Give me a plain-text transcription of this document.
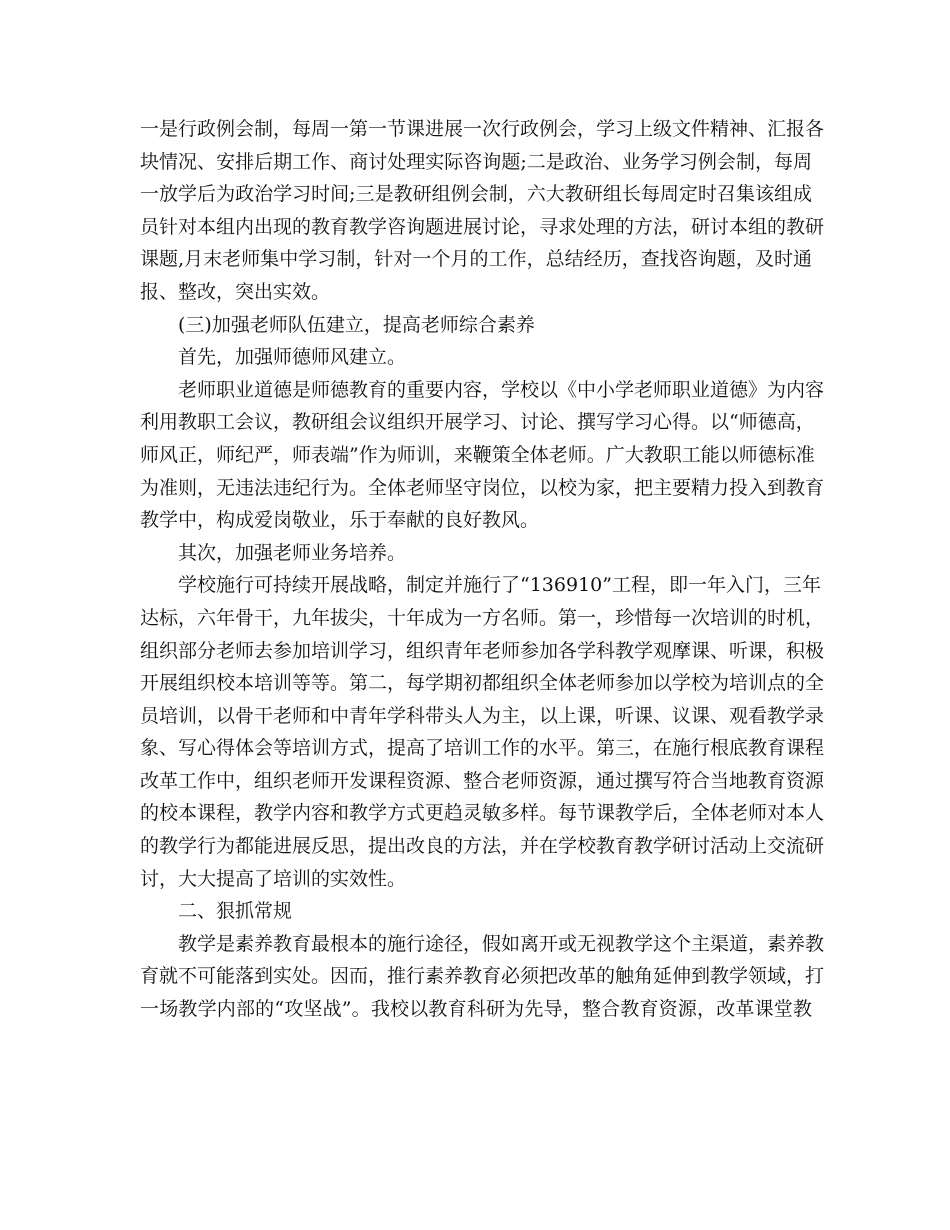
一是行政例会制，每周一第一节课进展一次行政例会，学习上级文件精神、汇报各
块情况、安排后期工作、商讨处理实际咨询题;二是政治、业务学习例会制，每周
一放学后为政治学习时间;三是教研组例会制，六大教研组长每周定时召集该组成
员针对本组内出现的教育教学咨询题进展讨论，寻求处理的方法，研讨本组的教研
课题,月末老师集中学习制，针对一个月的工作，总结经历，查找咨询题，及时通
报、整改，突出实效。
(三)加强老师队伍建立，提高老师综合素养
首先，加强师德师风建立。
老师职业道德是师德教育的重要内容，学校以《中小学老师职业道德》为内容
利用教职工会议，教研组会议组织开展学习、讨论、撰写学习心得。以“师德高，
师风正，师纪严，师表端”作为师训，来鞭策全体老师。广大教职工能以师德标准
为准则，无违法违纪行为。全体老师坚守岗位，以校为家，把主要精力投入到教育
教学中，构成爱岗敬业，乐于奉献的良好教风。
其次，加强老师业务培养。
学校施行可持续开展战略，制定并施行了“136910”工程，即一年入门，三年
达标，六年骨干，九年拔尖，十年成为一方名师。第一，珍惜每一次培训的时机，
组织部分老师去参加培训学习，组织青年老师参加各学科教学观摩课、听课，积极
开展组织校本培训等等。第二，每学期初都组织全体老师参加以学校为培训点的全
员培训，以骨干老师和中青年学科带头人为主，以上课，听课、议课、观看教学录
象、写心得体会等培训方式，提高了培训工作的水平。第三，在施行根底教育课程
改革工作中，组织老师开发课程资源、整合老师资源，通过撰写符合当地教育资源
的校本课程，教学内容和教学方式更趋灵敏多样。每节课教学后，全体老师对本人
的教学行为都能进展反思，提出改良的方法，并在学校教育教学研讨活动上交流研
讨，大大提高了培训的实效性。
二、狠抓常规
教学是素养教育最根本的施行途径，假如离开或无视教学这个主渠道，素养教
育就不可能落到实处。因而，推行素养教育必须把改革的触角延伸到教学领域，打
一场教学内部的“攻坚战”。我校以教育科研为先导，整合教育资源，改革课堂教
